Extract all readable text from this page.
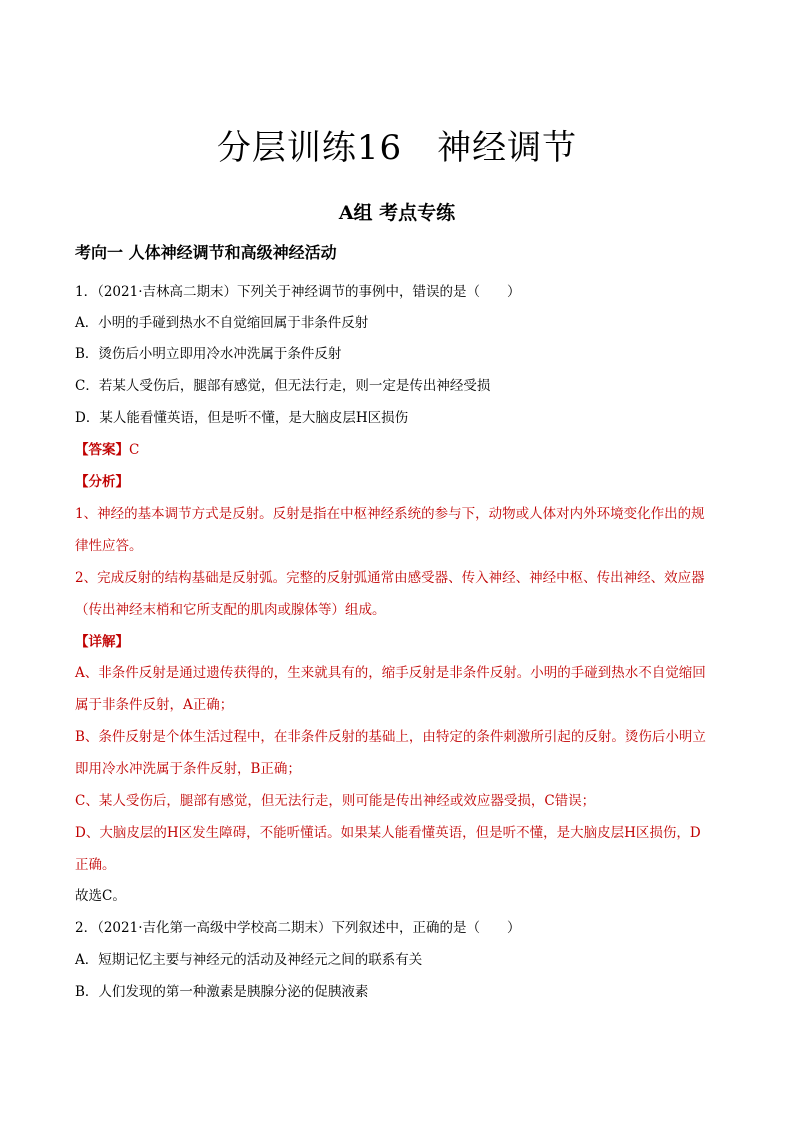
分层训练16　神经调节
A组 考点专练
考向一 人体神经调节和高级神经活动
1．（2021·吉林高二期末）下列关于神经调节的事例中，错误的是（　　）
A．小明的手碰到热水不自觉缩回属于非条件反射
B．烫伤后小明立即用冷水冲洗属于条件反射
C．若某人受伤后，腿部有感觉，但无法行走，则一定是传出神经受损
D．某人能看懂英语，但是听不懂，是大脑皮层H区损伤
【答案】C
【分析】
1、神经的基本调节方式是反射。反射是指在中枢神经系统的参与下，动物或人体对内外环境变化作出的规
律性应答。
2、完成反射的结构基础是反射弧。完整的反射弧通常由感受器、传入神经、神经中枢、传出神经、效应器
（传出神经末梢和它所支配的肌肉或腺体等）组成。
【详解】
A、非条件反射是通过遗传获得的，生来就具有的，缩手反射是非条件反射。小明的手碰到热水不自觉缩回
属于非条件反射，A正确；
B、条件反射是个体生活过程中，在非条件反射的基础上，由特定的条件刺激所引起的反射。烫伤后小明立
即用冷水冲洗属于条件反射，B正确；
C、某人受伤后，腿部有感觉，但无法行走，则可能是传出神经或效应器受损，C错误；
D、大脑皮层的H区发生障碍，不能听懂话。如果某人能看懂英语，但是听不懂，是大脑皮层H区损伤，D
正确。
故选C。
2．（2021·吉化第一高级中学校高二期末）下列叙述中，正确的是（　　）
A．短期记忆主要与神经元的活动及神经元之间的联系有关
B．人们发现的第一种激素是胰腺分泌的促胰液素
